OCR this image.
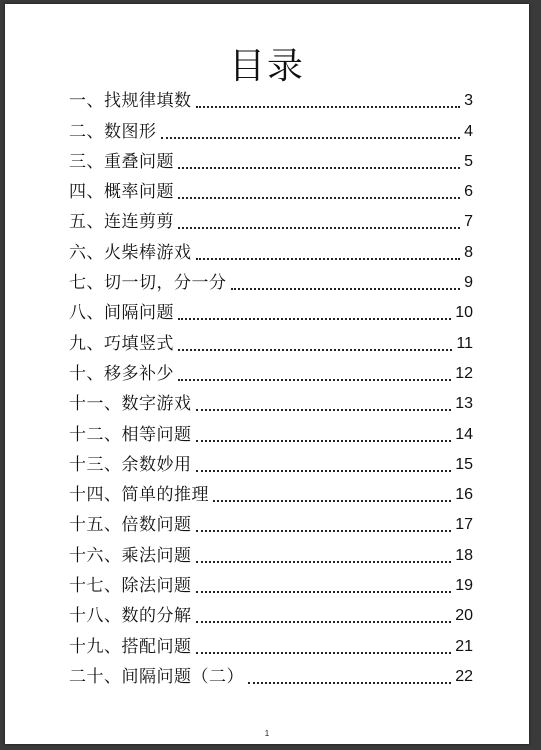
目录
一、找规律填数	3
二、数图形	4
三、重叠问题	5
四、概率问题	6
五、连连剪剪	7
六、火柴棒游戏	8
七、切一切，分一分	9
八、间隔问题	10
九、巧填竖式	11
十、移多补少	12
十一、数字游戏	13
十二、相等问题	14
十三、余数妙用	15
十四、简单的推理	16
十五、倍数问题	17
十六、乘法问题	18
十七、除法问题	19
十八、数的分解	20
十九、搭配问题	21
二十、间隔问题（二）	22
1
